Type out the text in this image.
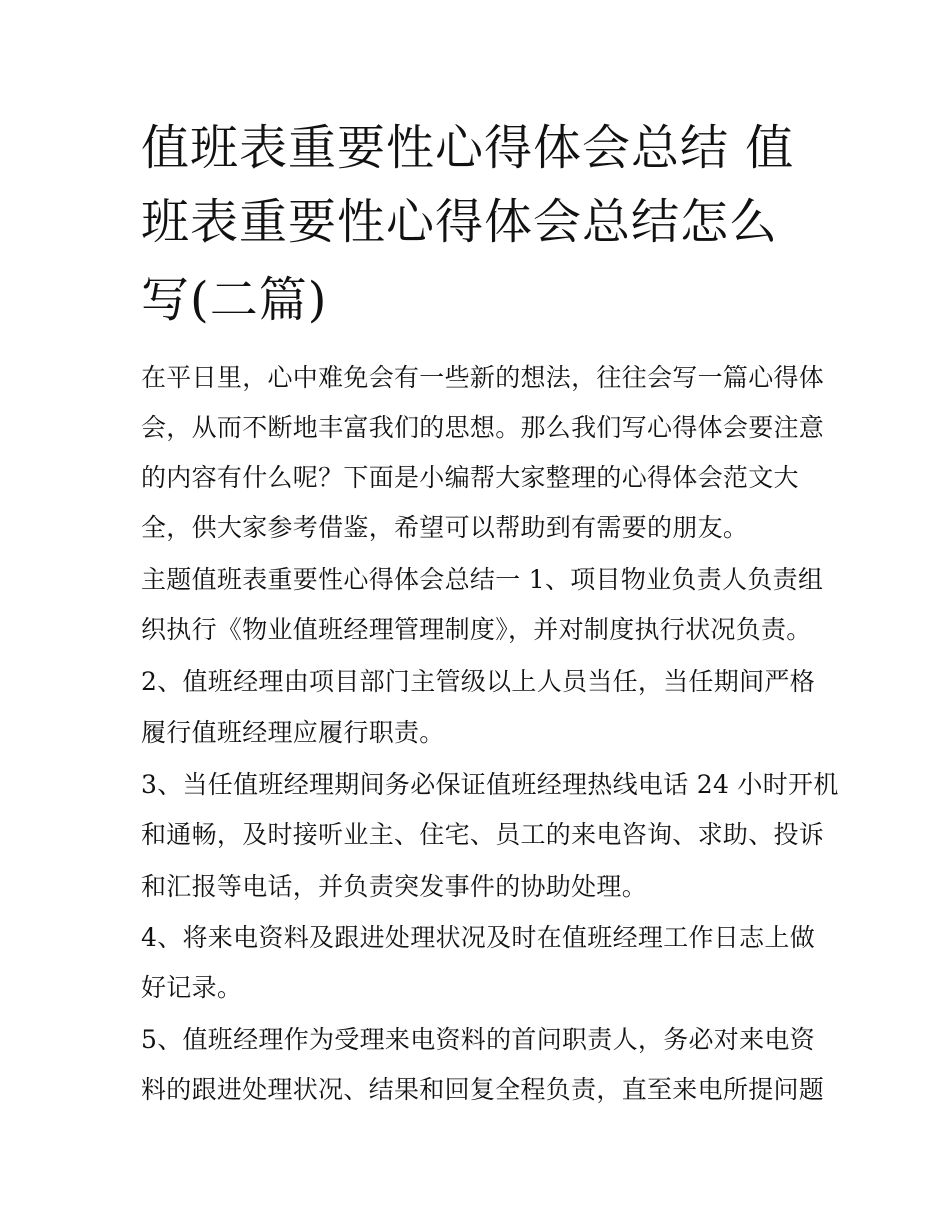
值班表重要性心得体会总结 值
班表重要性心得体会总结怎么
写(二篇)
在平日里，心中难免会有一些新的想法，往往会写一篇心得体
会，从而不断地丰富我们的思想。那么我们写心得体会要注意
的内容有什么呢？下面是小编帮大家整理的心得体会范文大
全，供大家参考借鉴，希望可以帮助到有需要的朋友。
主题值班表重要性心得体会总结一 1、项目物业负责人负责组
织执行《物业值班经理管理制度》，并对制度执行状况负责。
2、值班经理由项目部门主管级以上人员当任，当任期间严格
履行值班经理应履行职责。
3、当任值班经理期间务必保证值班经理热线电话 24 小时开机
和通畅，及时接听业主、住宅、员工的来电咨询、求助、投诉
和汇报等电话，并负责突发事件的协助处理。
4、将来电资料及跟进处理状况及时在值班经理工作日志上做
好记录。
5、值班经理作为受理来电资料的首问职责人，务必对来电资
料的跟进处理状况、结果和回复全程负责，直至来电所提问题
